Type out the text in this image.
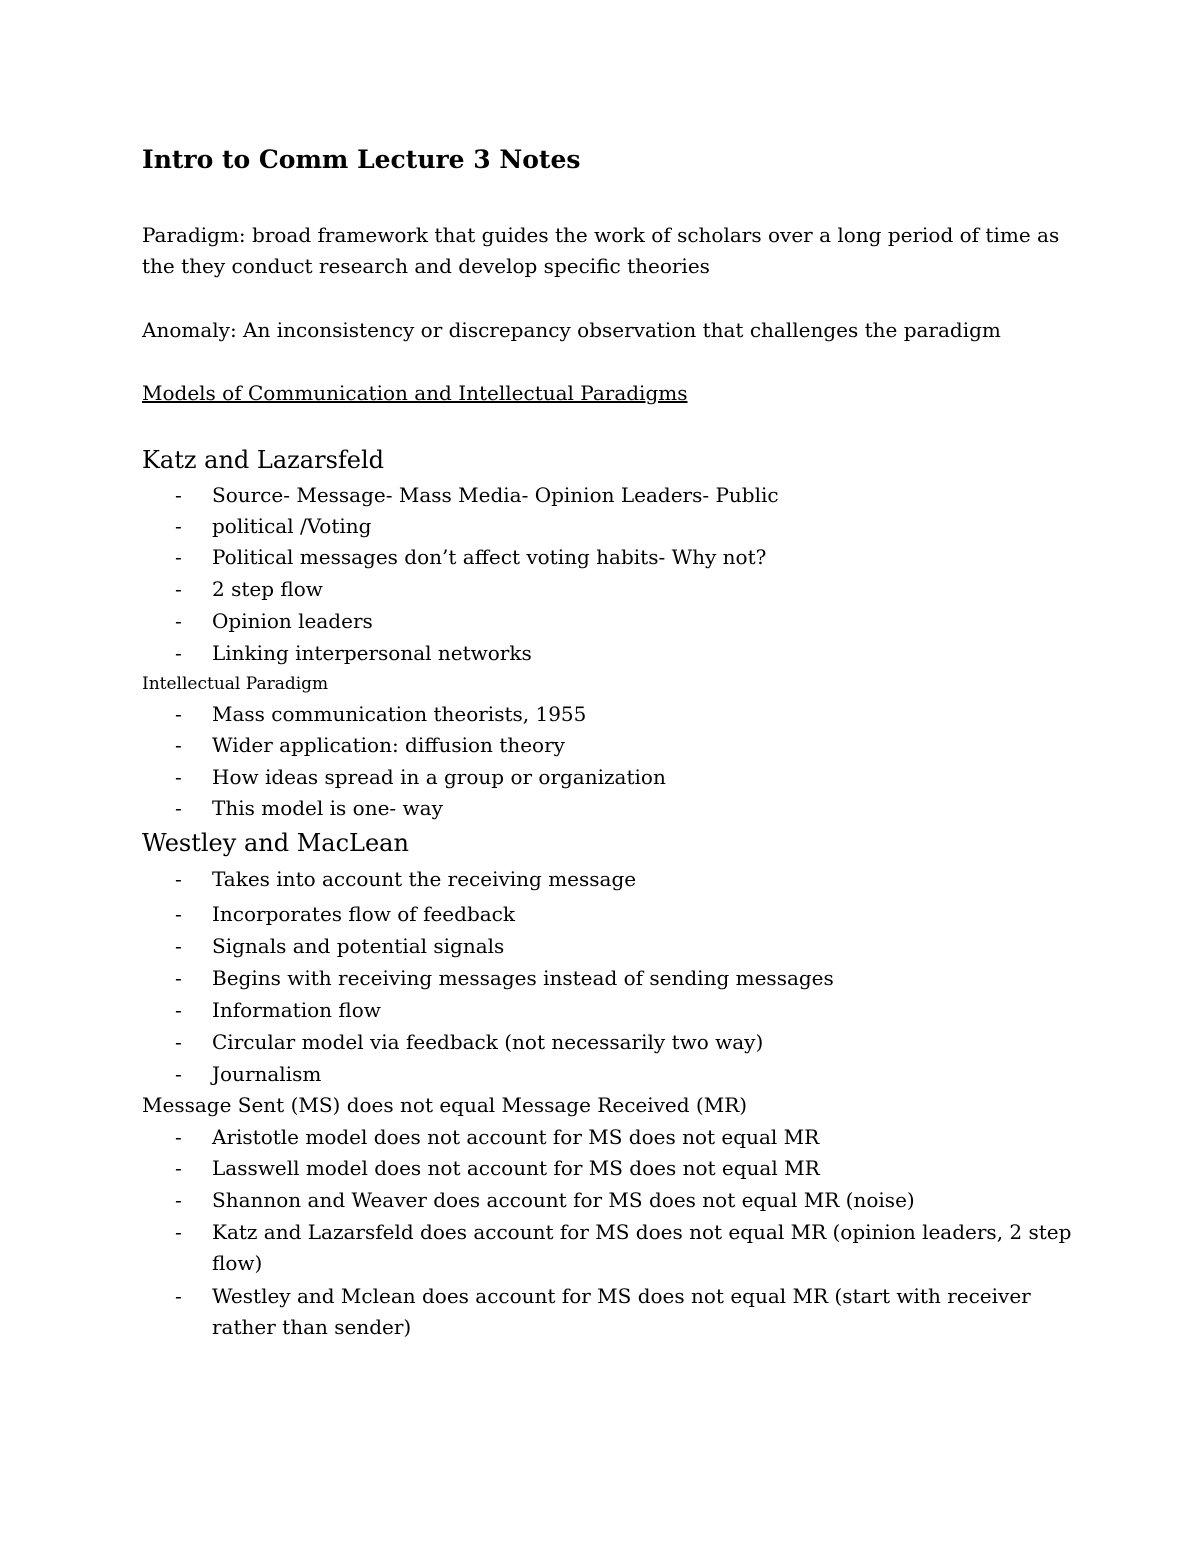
Intro to Comm Lecture 3 Notes
Paradigm: broad framework that guides the work of scholars over a long period of time as
the they conduct research and develop specific theories
Anomaly: An inconsistency or discrepancy observation that challenges the paradigm
Models of Communication and Intellectual Paradigms
Katz and Lazarsfeld
- Source- Message- Mass Media- Opinion Leaders- Public
- political /Voting
- Political messages don’t affect voting habits- Why not?
- 2 step flow
- Opinion leaders
- Linking interpersonal networks
Intellectual Paradigm
- Mass communication theorists, 1955
- Wider application: diffusion theory
- How ideas spread in a group or organization
- This model is one- way
Westley and MacLean
- Takes into account the receiving message
- Incorporates flow of feedback
- Signals and potential signals
- Begins with receiving messages instead of sending messages
- Information flow
- Circular model via feedback (not necessarily two way)
- Journalism
Message Sent (MS) does not equal Message Received (MR)
- Aristotle model does not account for MS does not equal MR
- Lasswell model does not account for MS does not equal MR
- Shannon and Weaver does account for MS does not equal MR (noise)
- Katz and Lazarsfeld does account for MS does not equal MR (opinion leaders, 2 step
flow)
- Westley and Mclean does account for MS does not equal MR (start with receiver
rather than sender)
